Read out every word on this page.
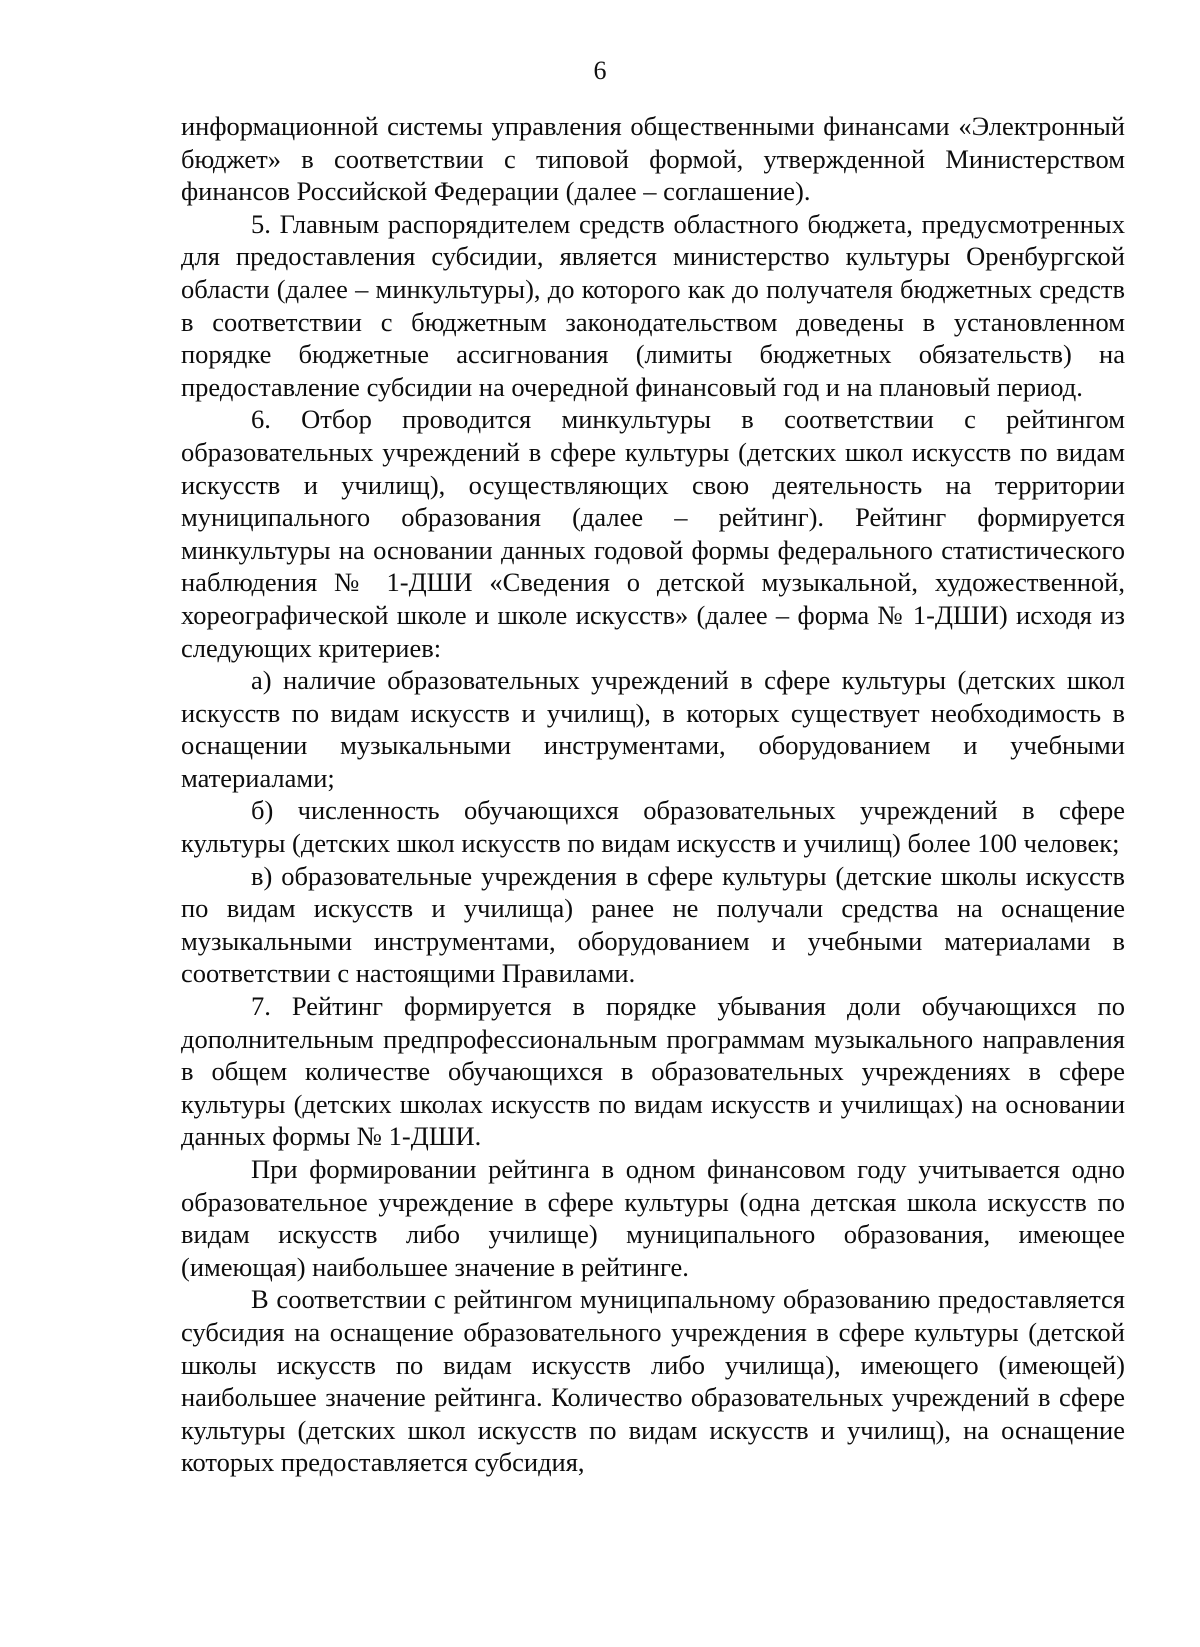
6

информационной системы управления общественными финансами «Электронный бюджет» в соответствии с типовой формой, утвержденной Министерством финансов Российской Федерации (далее – соглашение).

5. Главным распорядителем средств областного бюджета, предусмотренных для предоставления субсидии, является министерство культуры Оренбургской области (далее – минкультуры), до которого как до получателя бюджетных средств в соответствии с бюджетным законодательством доведены в установленном порядке бюджетные ассигнования (лимиты бюджетных обязательств) на предоставление субсидии на очередной финансовый год и на плановый период.

6. Отбор проводится минкультуры в соответствии с рейтингом образовательных учреждений в сфере культуры (детских школ искусств по видам искусств и училищ), осуществляющих свою деятельность на территории муниципального образования (далее – рейтинг). Рейтинг формируется минкультуры на основании данных годовой формы федерального статистического наблюдения № 1-ДШИ «Сведения о детской музыкальной, художественной, хореографической школе и школе искусств» (далее – форма № 1-ДШИ) исходя из следующих критериев:

а) наличие образовательных учреждений в сфере культуры (детских школ искусств по видам искусств и училищ), в которых существует необходимость в оснащении музыкальными инструментами, оборудованием и учебными материалами;

б) численность обучающихся образовательных учреждений в сфере культуры (детских школ искусств по видам искусств и училищ) более 100 человек;

в) образовательные учреждения в сфере культуры (детские школы искусств по видам искусств и училища) ранее не получали средства на оснащение музыкальными инструментами, оборудованием и учебными материалами в соответствии с настоящими Правилами.

7. Рейтинг формируется в порядке убывания доли обучающихся по дополнительным предпрофессиональным программам музыкального направления в общем количестве обучающихся в образовательных учреждениях в сфере культуры (детских школах искусств по видам искусств и училищах) на основании данных формы № 1-ДШИ.

При формировании рейтинга в одном финансовом году учитывается одно образовательное учреждение в сфере культуры (одна детская школа искусств по видам искусств либо училище) муниципального образования, имеющее (имеющая) наибольшее значение в рейтинге.

В соответствии с рейтингом муниципальному образованию предоставляется субсидия на оснащение образовательного учреждения в сфере культуры (детской школы искусств по видам искусств либо училища), имеющего (имеющей) наибольшее значение рейтинга. Количество образовательных учреждений в сфере культуры (детских школ искусств по видам искусств и училищ), на оснащение которых предоставляется субсидия,
